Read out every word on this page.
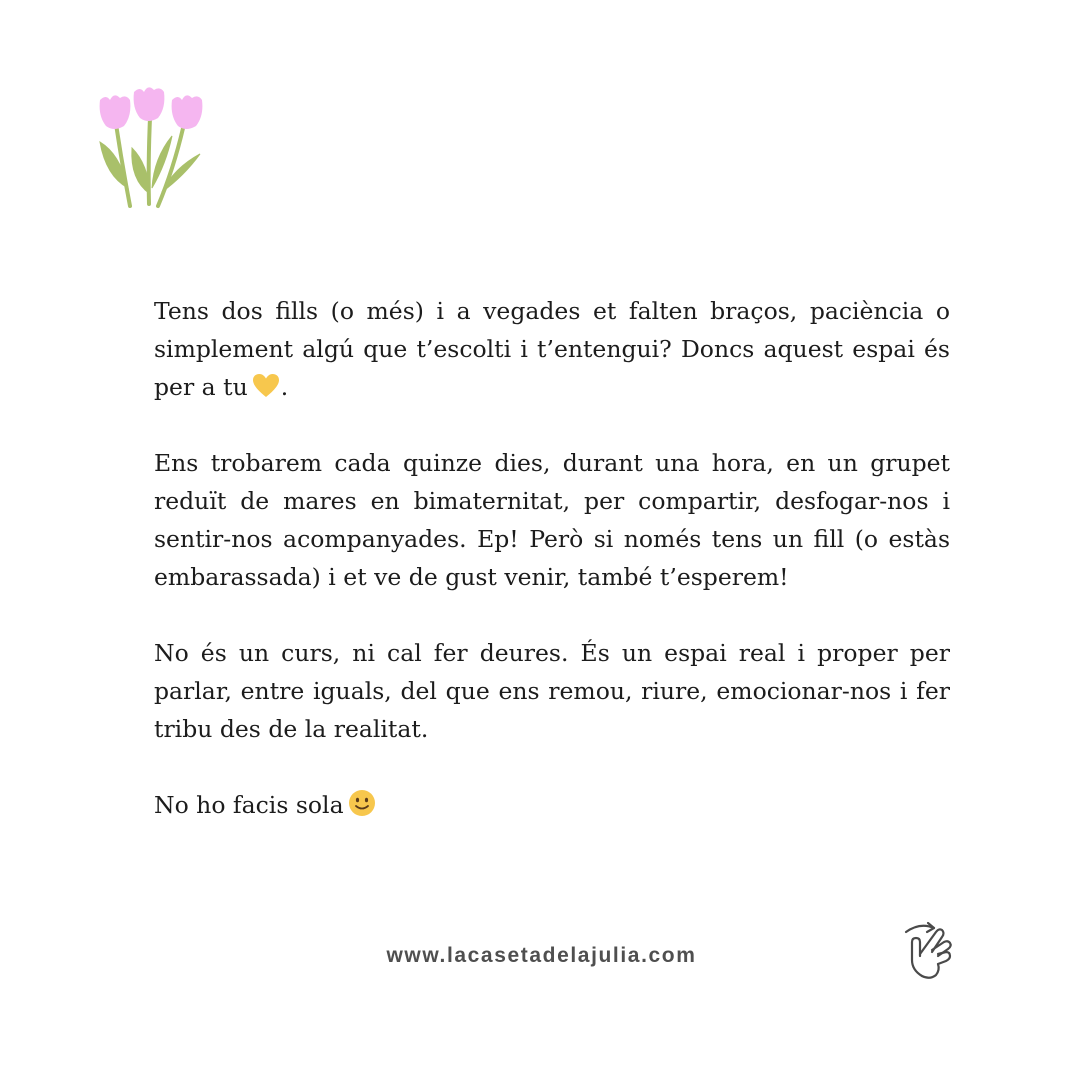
Tens dos fills (o més) i a vegades et falten braços, paciència o simplement algú que t’escolti i t’entengui? Doncs aquest espai és per a tu .

Ens trobarem cada quinze dies, durant una hora, en un grupet reduït de mares en bimaternitat, per compartir, desfogar-nos i sentir-nos acompanyades. Ep! Però si només tens un fill (o estàs embarassada) i et ve de gust venir, també t’esperem!

No és un curs, ni cal fer deures. És un espai real i proper per parlar, entre iguals, del que ens remou, riure, emocionar-nos i fer tribu des de la realitat.

No ho facis sola

www.lacasetadelajulia.com
